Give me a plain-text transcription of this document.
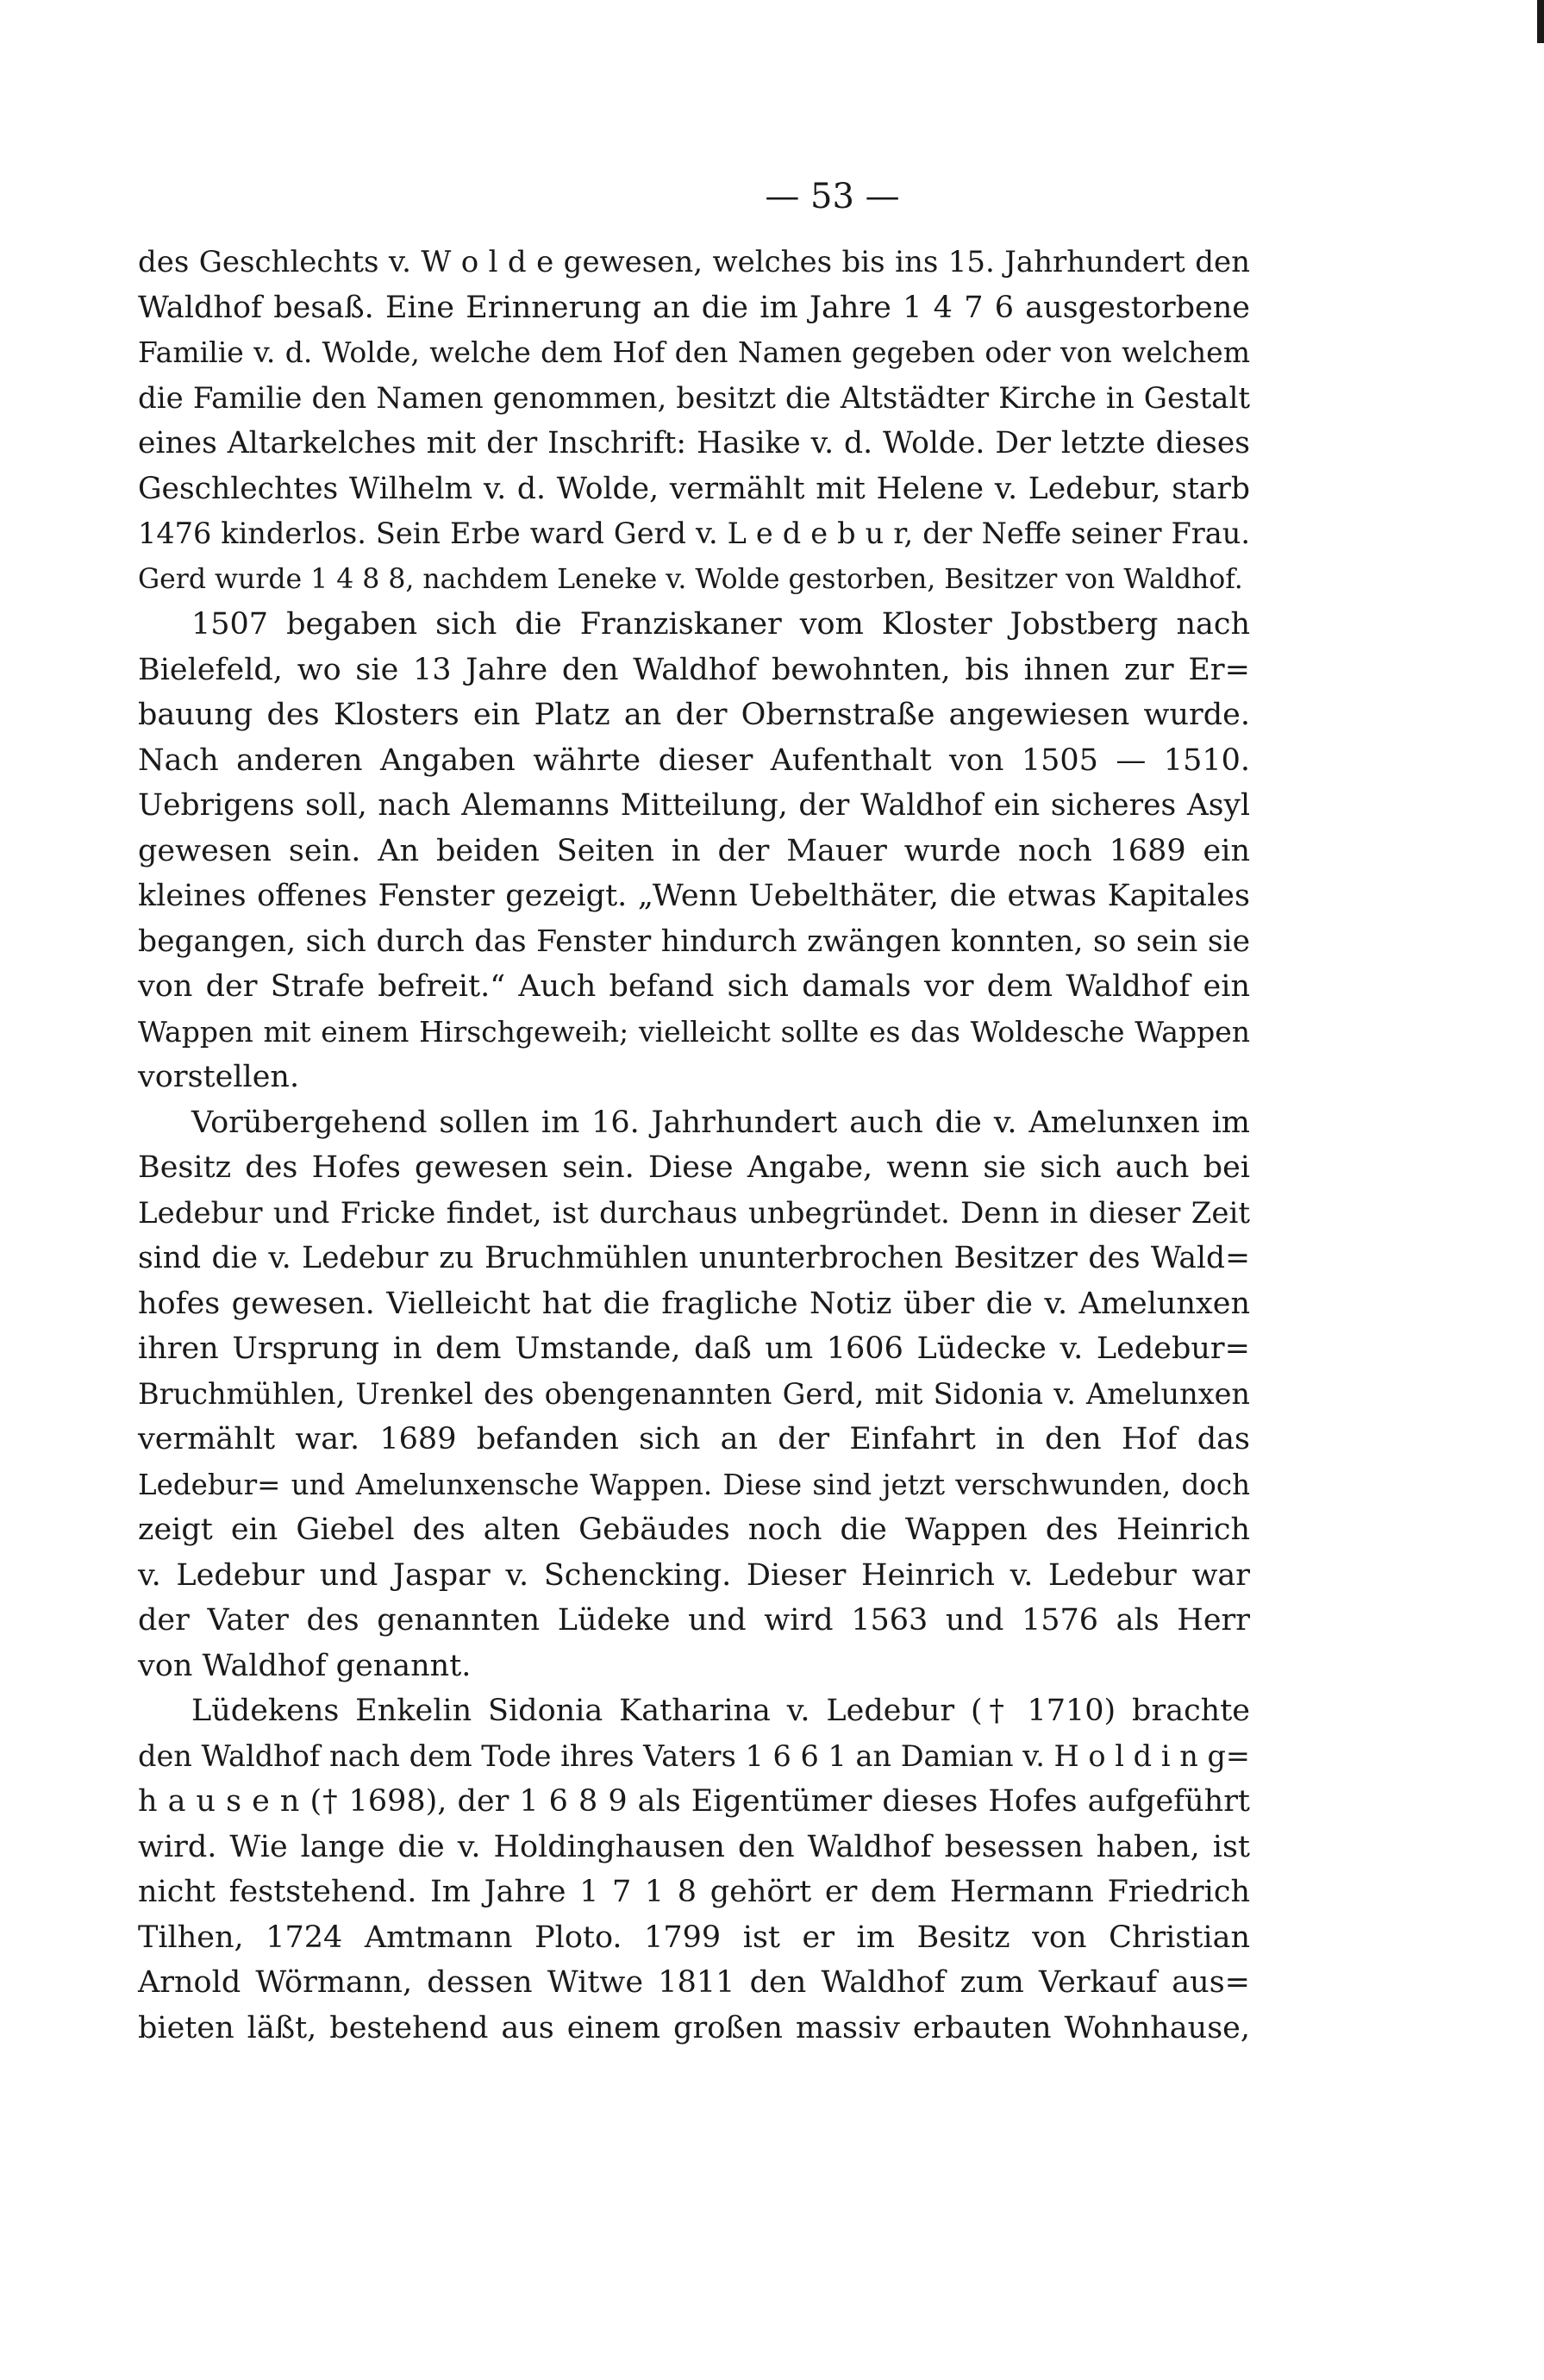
— 53 —
des Geschlechts v. W o l d e gewesen, welches bis ins 15. Jahrhundert den
Waldhof besaß. Eine Erinnerung an die im Jahre 1 4 7 6 ausgestorbene
Familie v. d. Wolde, welche dem Hof den Namen gegeben oder von welchem
die Familie den Namen genommen, besitzt die Altstädter Kirche in Gestalt
eines Altarkelches mit der Inschrift: Hasike v. d. Wolde. Der letzte dieses
Geschlechtes Wilhelm v. d. Wolde, vermählt mit Helene v. Ledebur, starb
1476 kinderlos. Sein Erbe ward Gerd v. L e d e b u r, der Neffe seiner Frau.
Gerd wurde 1 4 8 8, nachdem Leneke v. Wolde gestorben, Besitzer von Waldhof.
1507 begaben sich die Franziskaner vom Kloster Jobstberg nach
Bielefeld, wo sie 13 Jahre den Waldhof bewohnten, bis ihnen zur Er=
bauung des Klosters ein Platz an der Obernstraße angewiesen wurde.
Nach anderen Angaben währte dieser Aufenthalt von 1505 — 1510.
Uebrigens soll, nach Alemanns Mitteilung, der Waldhof ein sicheres Asyl
gewesen sein. An beiden Seiten in der Mauer wurde noch 1689 ein
kleines offenes Fenster gezeigt. „Wenn Uebelthäter, die etwas Kapitales
begangen, sich durch das Fenster hindurch zwängen konnten, so sein sie
von der Strafe befreit.“ Auch befand sich damals vor dem Waldhof ein
Wappen mit einem Hirschgeweih; vielleicht sollte es das Woldesche Wappen
vorstellen.
Vorübergehend sollen im 16. Jahrhundert auch die v. Amelunxen im
Besitz des Hofes gewesen sein. Diese Angabe, wenn sie sich auch bei
Ledebur und Fricke findet, ist durchaus unbegründet. Denn in dieser Zeit
sind die v. Ledebur zu Bruchmühlen ununterbrochen Besitzer des Wald=
hofes gewesen. Vielleicht hat die fragliche Notiz über die v. Amelunxen
ihren Ursprung in dem Umstande, daß um 1606 Lüdecke v. Ledebur=
Bruchmühlen, Urenkel des obengenannten Gerd, mit Sidonia v. Amelunxen
vermählt war. 1689 befanden sich an der Einfahrt in den Hof das
Ledebur= und Amelunxensche Wappen. Diese sind jetzt verschwunden, doch
zeigt ein Giebel des alten Gebäudes noch die Wappen des Heinrich
v. Ledebur und Jaspar v. Schencking. Dieser Heinrich v. Ledebur war
der Vater des genannten Lüdeke und wird 1563 und 1576 als Herr
von Waldhof genannt.
Lüdekens Enkelin Sidonia Katharina v. Ledebur († 1710) brachte
den Waldhof nach dem Tode ihres Vaters 1 6 6 1 an Damian v. H o l d i n g=
h a u s e n († 1698), der 1 6 8 9 als Eigentümer dieses Hofes aufgeführt
wird. Wie lange die v. Holdinghausen den Waldhof besessen haben, ist
nicht feststehend. Im Jahre 1 7 1 8 gehört er dem Hermann Friedrich
Tilhen, 1724 Amtmann Ploto. 1799 ist er im Besitz von Christian
Arnold Wörmann, dessen Witwe 1811 den Waldhof zum Verkauf aus=
bieten läßt, bestehend aus einem großen massiv erbauten Wohnhause,
